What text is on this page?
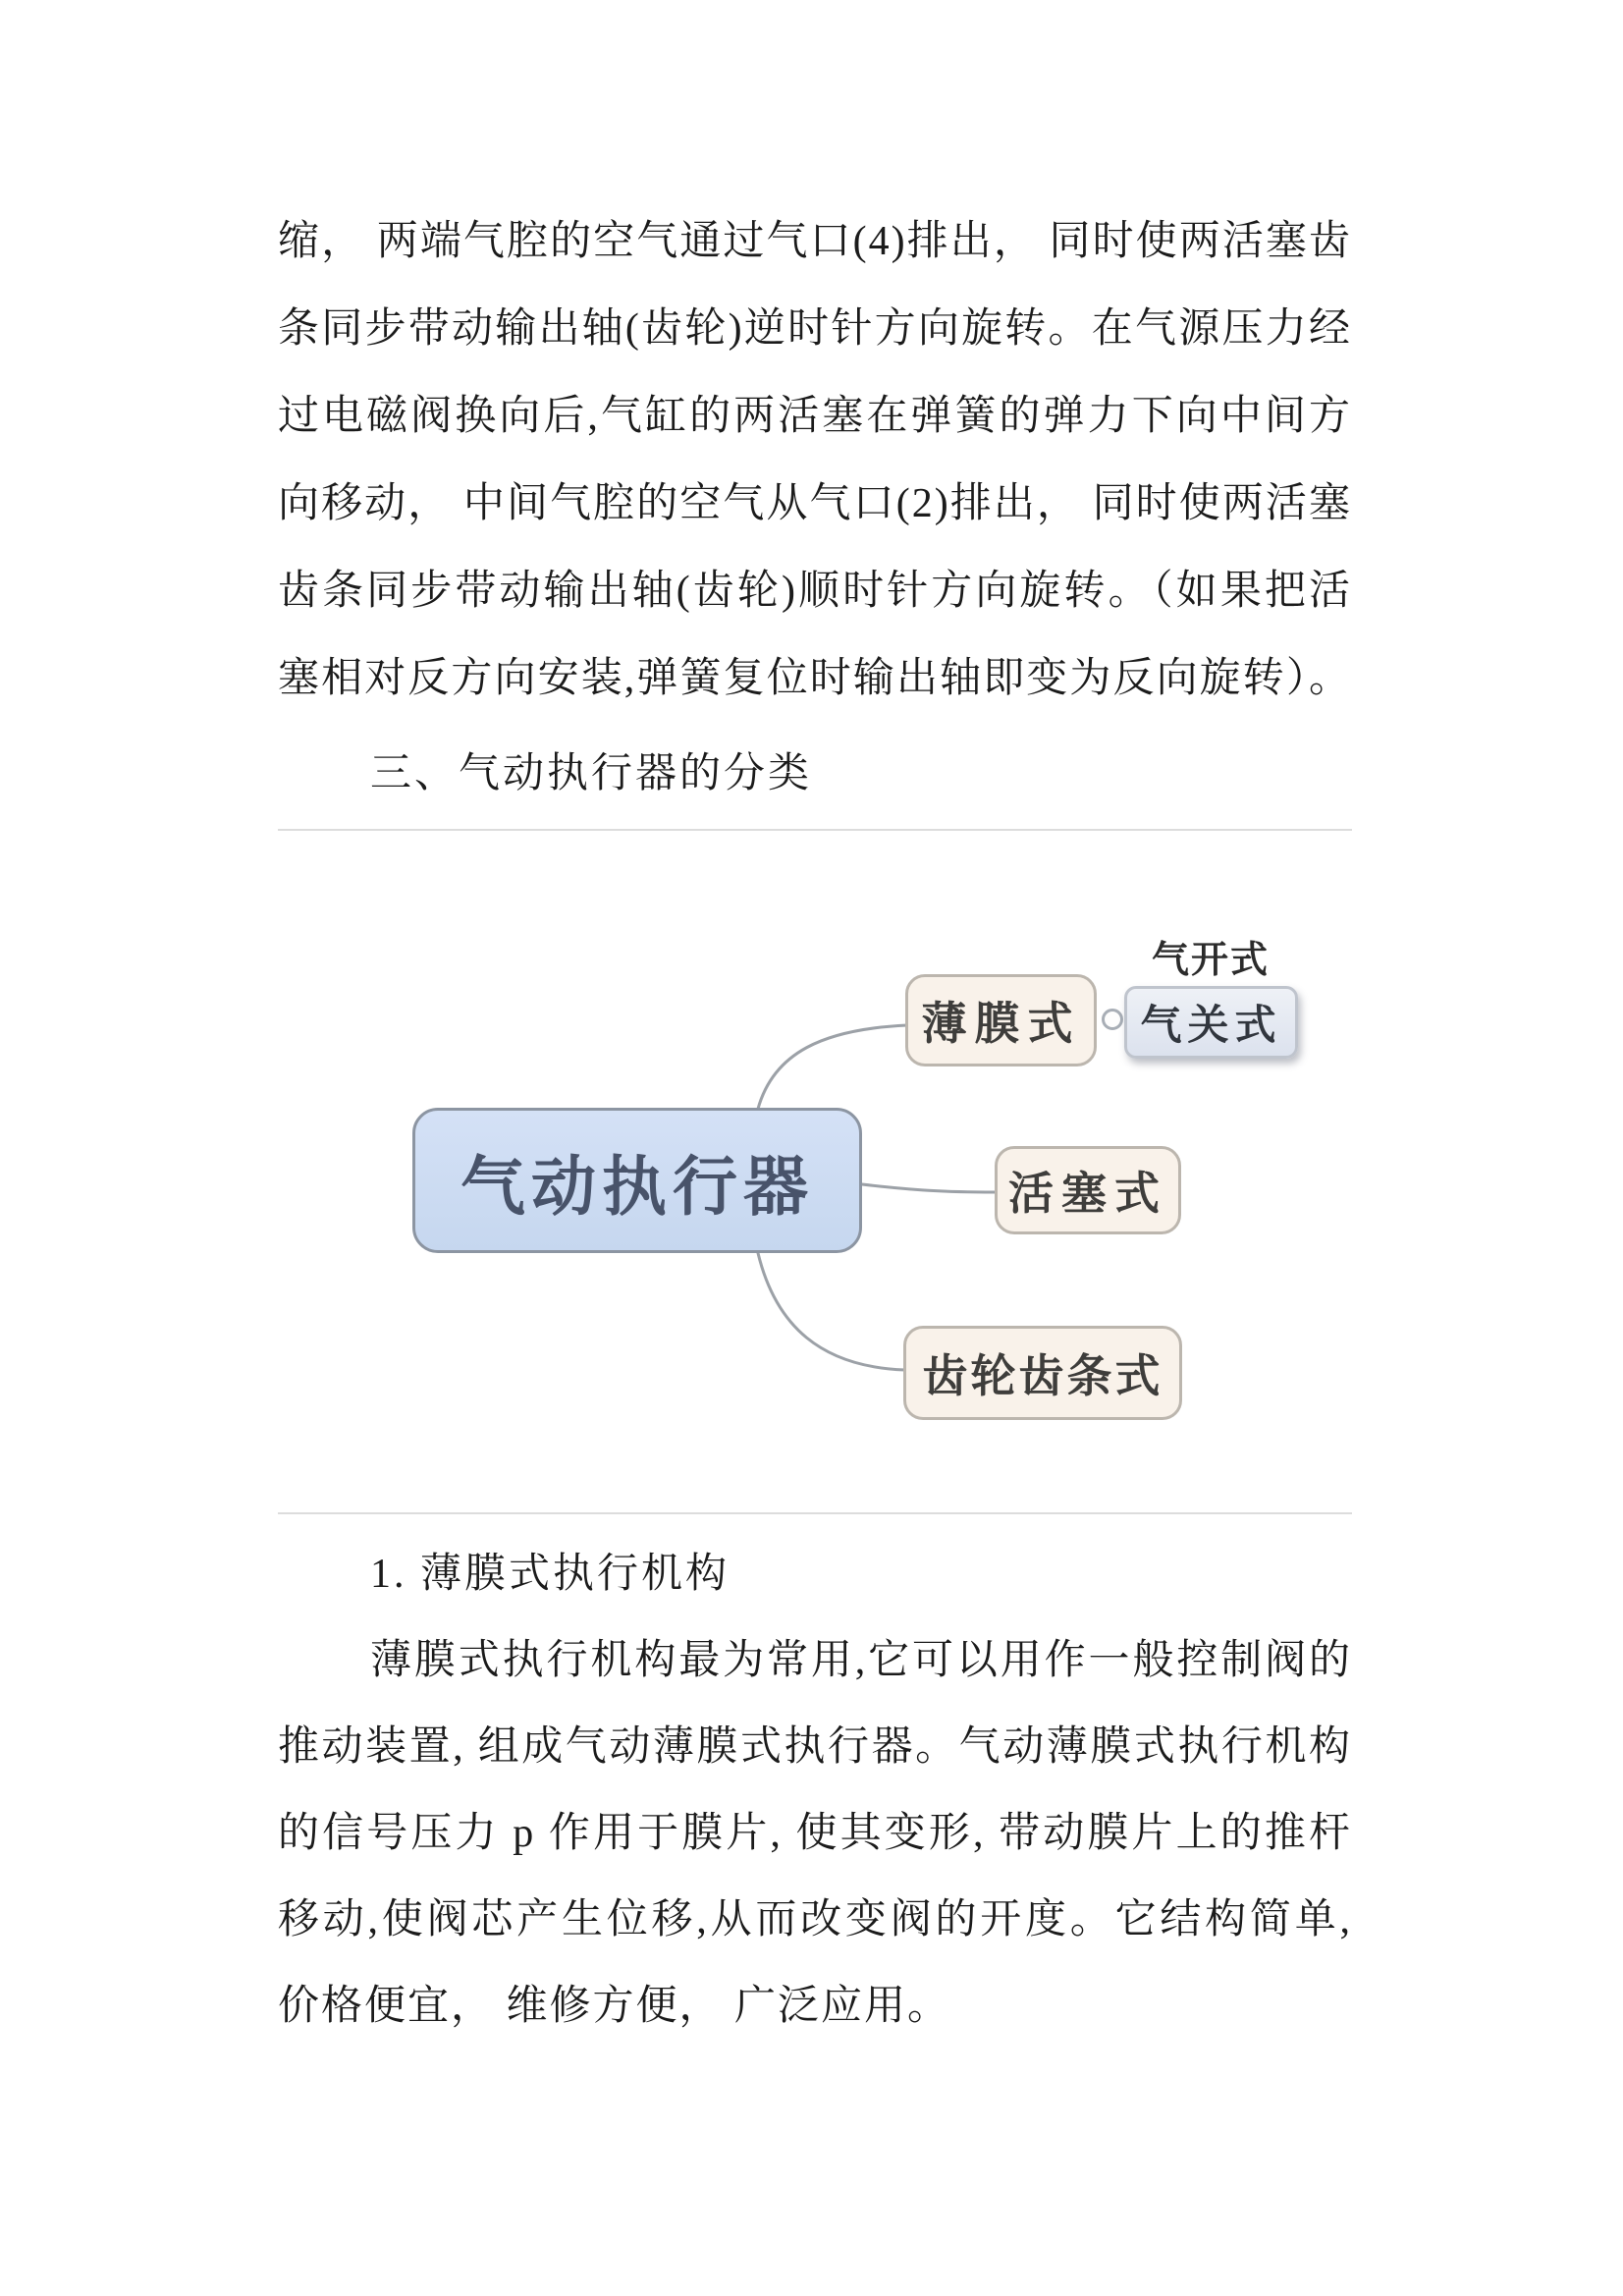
缩， 两端气腔的空气通过气口(4)排出， 同时使两活塞齿
条同步带动输出轴(齿轮)逆时针方向旋转。在气源压力经
过电磁阀换向后,气缸的两活塞在弹簧的弹力下向中间方
向移动， 中间气腔的空气从气口(2)排出， 同时使两活塞
齿条同步带动输出轴(齿轮)顺时针方向旋转。（如果把活
塞相对反方向安装,弹簧复位时输出轴即变为反向旋转）。
三、气动执行器的分类
气动执行器
薄膜式
气开式
气关式
活塞式
齿轮齿条式
1. 薄膜式执行机构
薄膜式执行机构最为常用,它可以用作一般控制阀的
推动装置, 组成气动薄膜式执行器。气动薄膜式执行机构
的信号压力 p 作用于膜片, 使其变形, 带动膜片上的推杆
移动,使阀芯产生位移,从而改变阀的开度。它结构简单,
价格便宜， 维修方便， 广泛应用。
